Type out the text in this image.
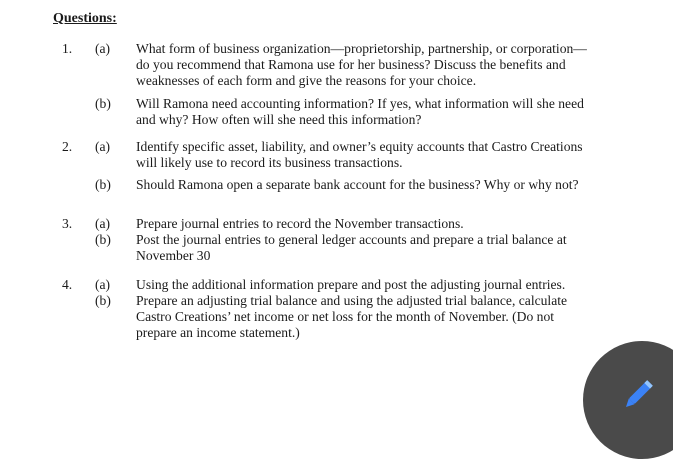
Questions:
1. (a) What form of business organization—proprietorship, partnership, or corporation—
do you recommend that Ramona use for her business? Discuss the benefits and
weaknesses of each form and give the reasons for your choice.
(b) Will Ramona need accounting information? If yes, what information will she need
and why? How often will she need this information?
2. (a) Identify specific asset, liability, and owner’s equity accounts that Castro Creations
will likely use to record its business transactions.
(b) Should Ramona open a separate bank account for the business? Why or why not?
3. (a) Prepare journal entries to record the November transactions.
(b) Post the journal entries to general ledger accounts and prepare a trial balance at
November 30
4. (a) Using the additional information prepare and post the adjusting journal entries.
(b) Prepare an adjusting trial balance and using the adjusted trial balance, calculate
Castro Creations’ net income or net loss for the month of November. (Do not
prepare an income statement.)
